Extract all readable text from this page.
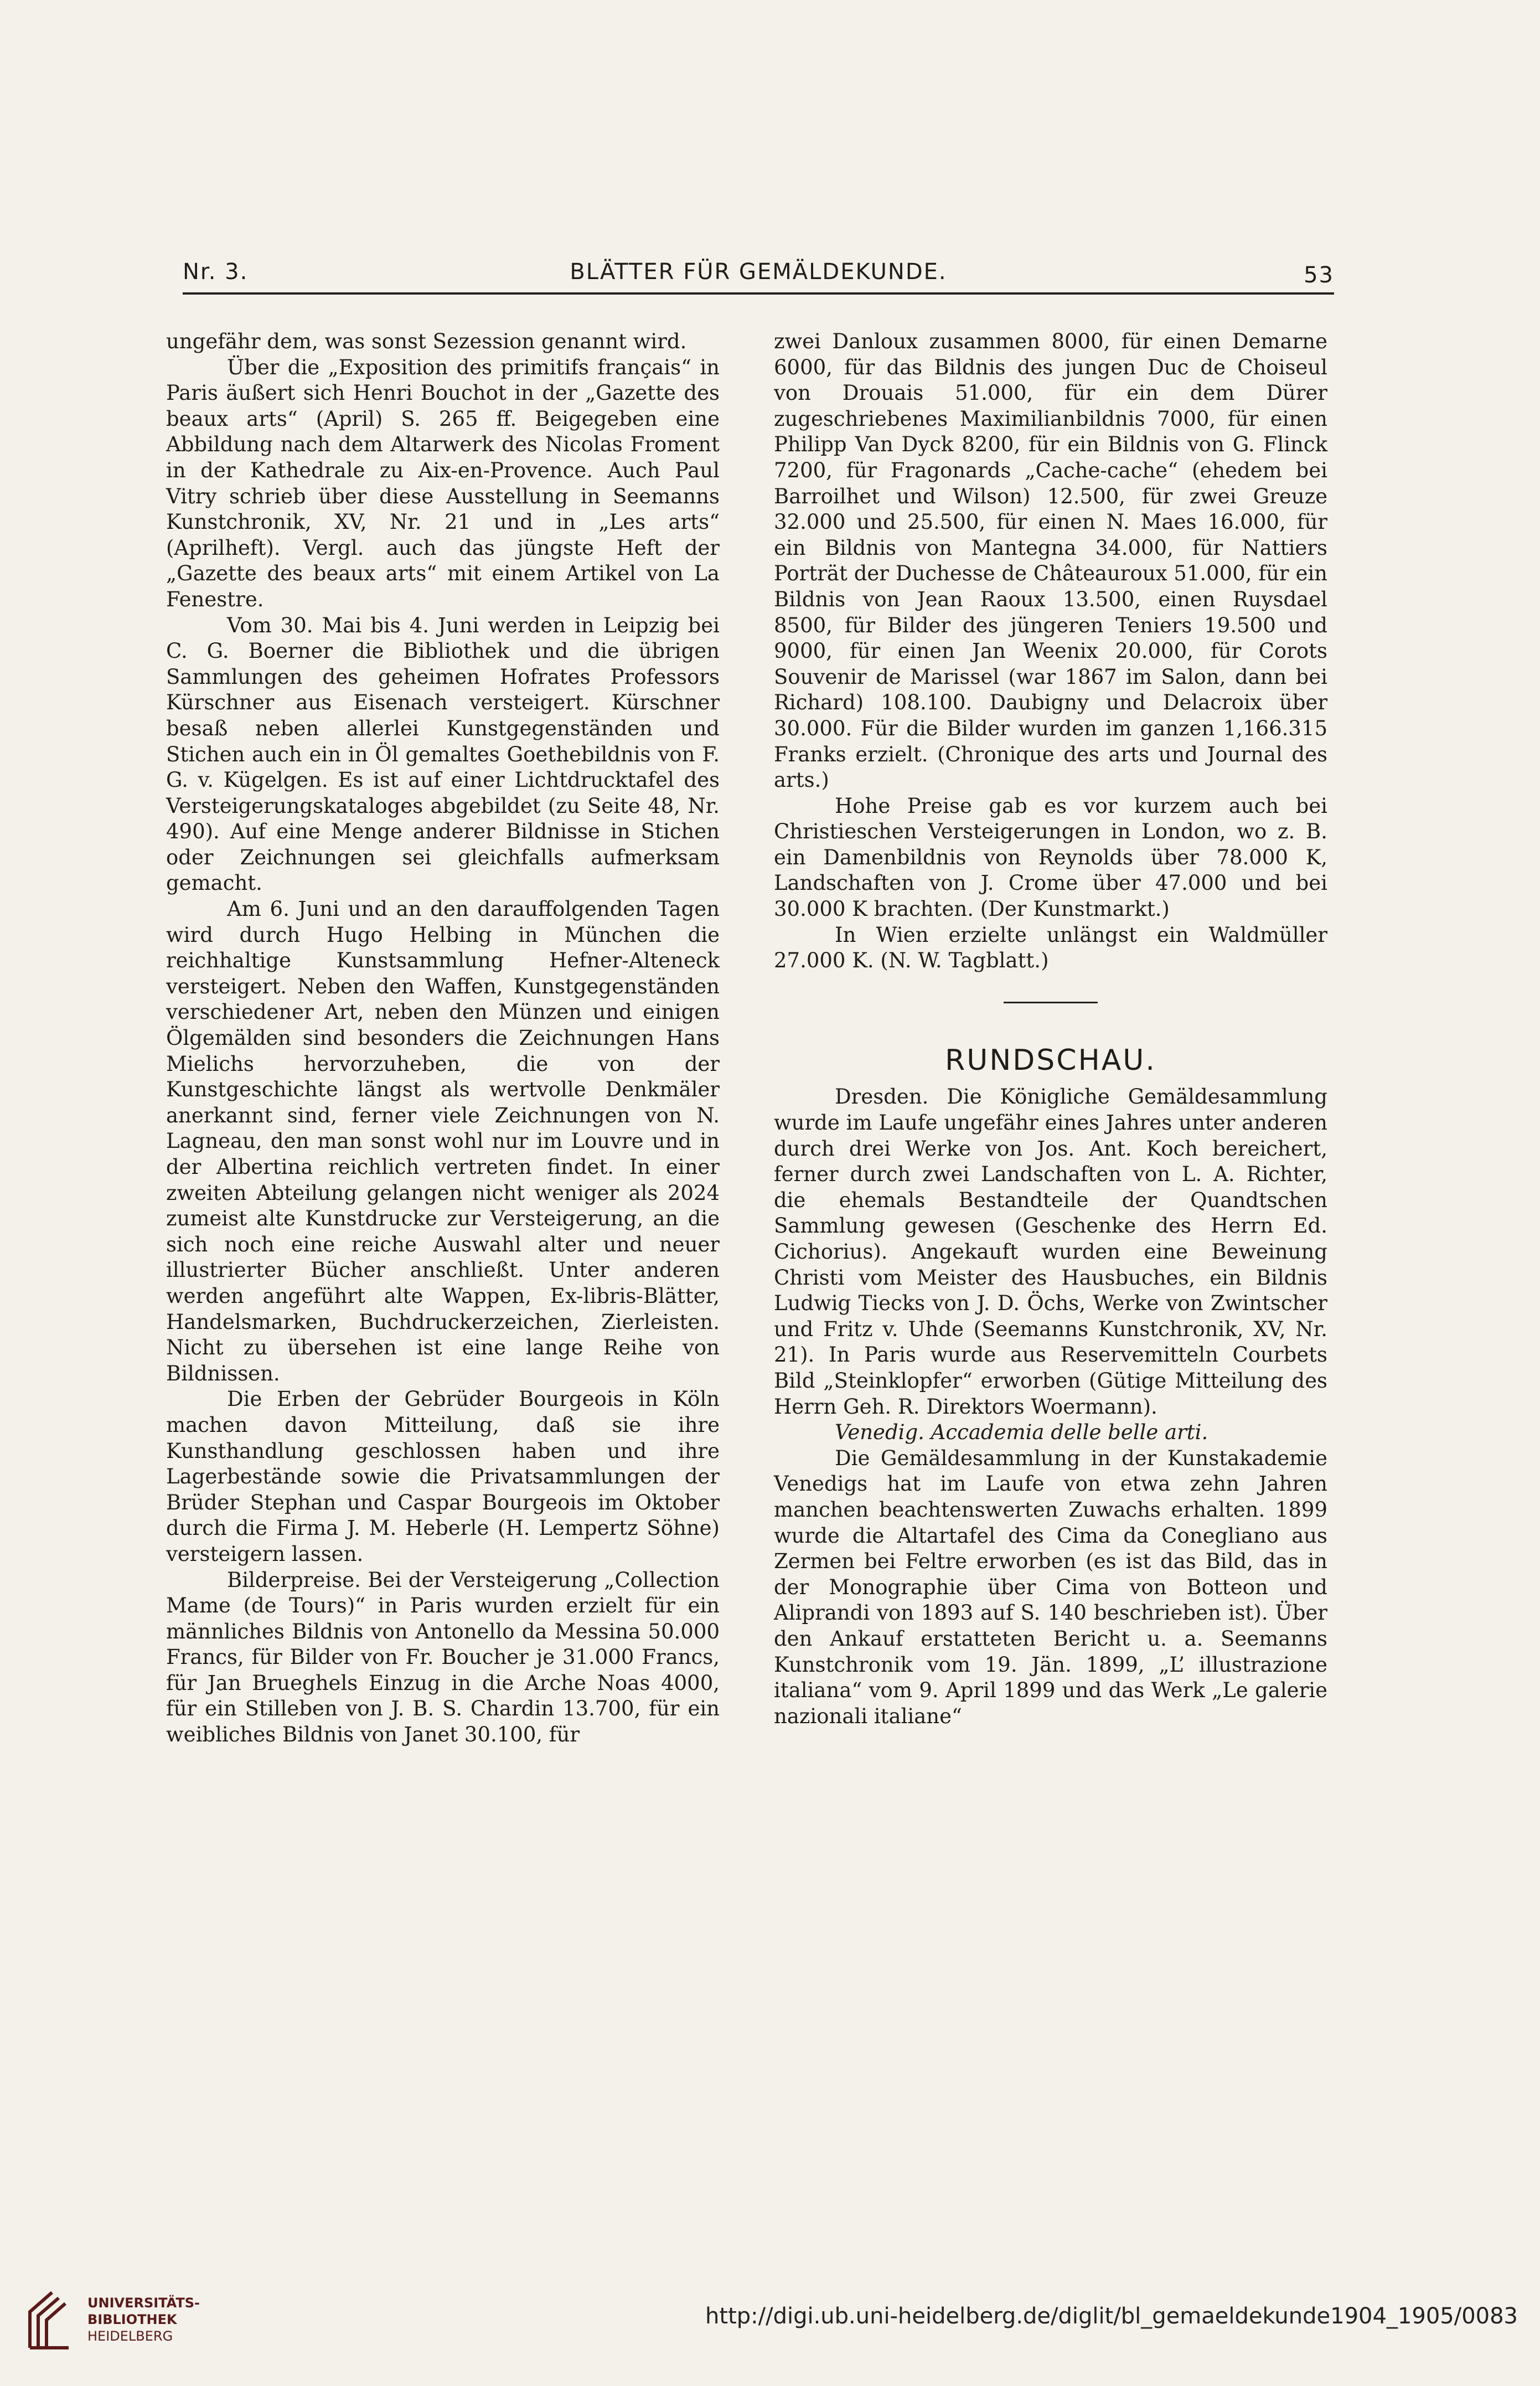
Nr. 3.	BLÄTTER FÜR GEMÄLDEKUNDE.	53

ungefähr dem, was sonst Sezession genannt wird.

Über die „Exposition des primitifs français“ in Paris äußert sich Henri Bouchot in der „Gazette des beaux arts“ (April) S. 265 ff. Beigegeben eine Abbildung nach dem Altarwerk des Nicolas Froment in der Kathedrale zu Aix-en-Provence. Auch Paul Vitry schrieb über diese Ausstellung in Seemanns Kunstchronik, XV, Nr. 21 und in „Les arts“ (Aprilheft). Vergl. auch das jüngste Heft der „Gazette des beaux arts“ mit einem Artikel von La Fenestre.

Vom 30. Mai bis 4. Juni werden in Leipzig bei C. G. Boerner die Bibliothek und die übrigen Sammlungen des geheimen Hofrates Professors Kürschner aus Eisenach versteigert. Kürschner besaß neben allerlei Kunstgegenständen und Stichen auch ein in Öl gemaltes Goethebildnis von F. G. v. Kügelgen. Es ist auf einer Lichtdrucktafel des Versteigerungskataloges abgebildet (zu Seite 48, Nr. 490). Auf eine Menge anderer Bildnisse in Stichen oder Zeichnungen sei gleichfalls aufmerksam gemacht.

Am 6. Juni und an den darauffolgenden Tagen wird durch Hugo Helbing in München die reichhaltige Kunstsammlung Hefner-Alteneck versteigert. Neben den Waffen, Kunstgegenständen verschiedener Art, neben den Münzen und einigen Ölgemälden sind besonders die Zeichnungen Hans Mielichs hervorzuheben, die von der Kunstgeschichte längst als wertvolle Denkmäler anerkannt sind, ferner viele Zeichnungen von N. Lagneau, den man sonst wohl nur im Louvre und in der Albertina reichlich vertreten findet. In einer zweiten Abteilung gelangen nicht weniger als 2024 zumeist alte Kunstdrucke zur Versteigerung, an die sich noch eine reiche Auswahl alter und neuer illustrierter Bücher anschließt. Unter anderen werden angeführt alte Wappen, Ex-libris-Blätter, Handelsmarken, Buchdruckerzeichen, Zierleisten. Nicht zu übersehen ist eine lange Reihe von Bildnissen.

Die Erben der Gebrüder Bourgeois in Köln machen davon Mitteilung, daß sie ihre Kunsthandlung geschlossen haben und ihre Lagerbestände sowie die Privatsammlungen der Brüder Stephan und Caspar Bourgeois im Oktober durch die Firma J. M. Heberle (H. Lempertz Söhne) versteigern lassen.

Bilderpreise. Bei der Versteigerung „Collection Mame (de Tours)“ in Paris wurden erzielt für ein männliches Bildnis von Antonello da Messina 50.000 Francs, für Bilder von Fr. Boucher je 31.000 Francs, für Jan Brueghels Einzug in die Arche Noas 4000, für ein Stilleben von J. B. S. Chardin 13.700, für ein weibliches Bildnis von Janet 30.100, für

zwei Danloux zusammen 8000, für einen Demarne 6000, für das Bildnis des jungen Duc de Choiseul von Drouais 51.000, für ein dem Dürer zugeschriebenes Maximilianbildnis 7000, für einen Philipp Van Dyck 8200, für ein Bildnis von G. Flinck 7200, für Fragonards „Cache-cache“ (ehedem bei Barroilhet und Wilson) 12.500, für zwei Greuze 32.000 und 25.500, für einen N. Maes 16.000, für ein Bildnis von Mantegna 34.000, für Nattiers Porträt der Duchesse de Châteauroux 51.000, für ein Bildnis von Jean Raoux 13.500, einen Ruysdael 8500, für Bilder des jüngeren Teniers 19.500 und 9000, für einen Jan Weenix 20.000, für Corots Souvenir de Marissel (war 1867 im Salon, dann bei Richard) 108.100. Daubigny und Delacroix über 30.000. Für die Bilder wurden im ganzen 1,166.315 Franks erzielt. (Chronique des arts und Journal des arts.)

Hohe Preise gab es vor kurzem auch bei Christieschen Versteigerungen in London, wo z. B. ein Damenbildnis von Reynolds über 78.000 K, Landschaften von J. Crome über 47.000 und bei 30.000 K brachten. (Der Kunstmarkt.)

In Wien erzielte unlängst ein Waldmüller 27.000 K. (N. W. Tagblatt.)

RUNDSCHAU.

Dresden. Die Königliche Gemäldesammlung wurde im Laufe ungefähr eines Jahres unter anderen durch drei Werke von Jos. Ant. Koch bereichert, ferner durch zwei Landschaften von L. A. Richter, die ehemals Bestandteile der Quandtschen Sammlung gewesen (Geschenke des Herrn Ed. Cichorius). Angekauft wurden eine Beweinung Christi vom Meister des Hausbuches, ein Bildnis Ludwig Tiecks von J. D. Öchs, Werke von Zwintscher und Fritz v. Uhde (Seemanns Kunstchronik, XV, Nr. 21). In Paris wurde aus Reservemitteln Courbets Bild „Steinklopfer“ erworben (Gütige Mitteilung des Herrn Geh. R. Direktors Woermann).

Venedig. Accademia delle belle arti.

Die Gemäldesammlung in der Kunstakademie Venedigs hat im Laufe von etwa zehn Jahren manchen beachtenswerten Zuwachs erhalten. 1899 wurde die Altartafel des Cima da Conegliano aus Zermen bei Feltre erworben (es ist das Bild, das in der Monographie über Cima von Botteon und Aliprandi von 1893 auf S. 140 beschrieben ist). Über den Ankauf erstatteten Bericht u. a. Seemanns Kunstchronik vom 19. Jän. 1899, „L’ illustrazione italiana“ vom 9. April 1899 und das Werk „Le galerie nazionali italiane“

UNIVERSITÄTS-
BIBLIOTHEK
HEIDELBERG
http://digi.ub.uni-heidelberg.de/diglit/bl_gemaeldekunde1904_1905/0083
